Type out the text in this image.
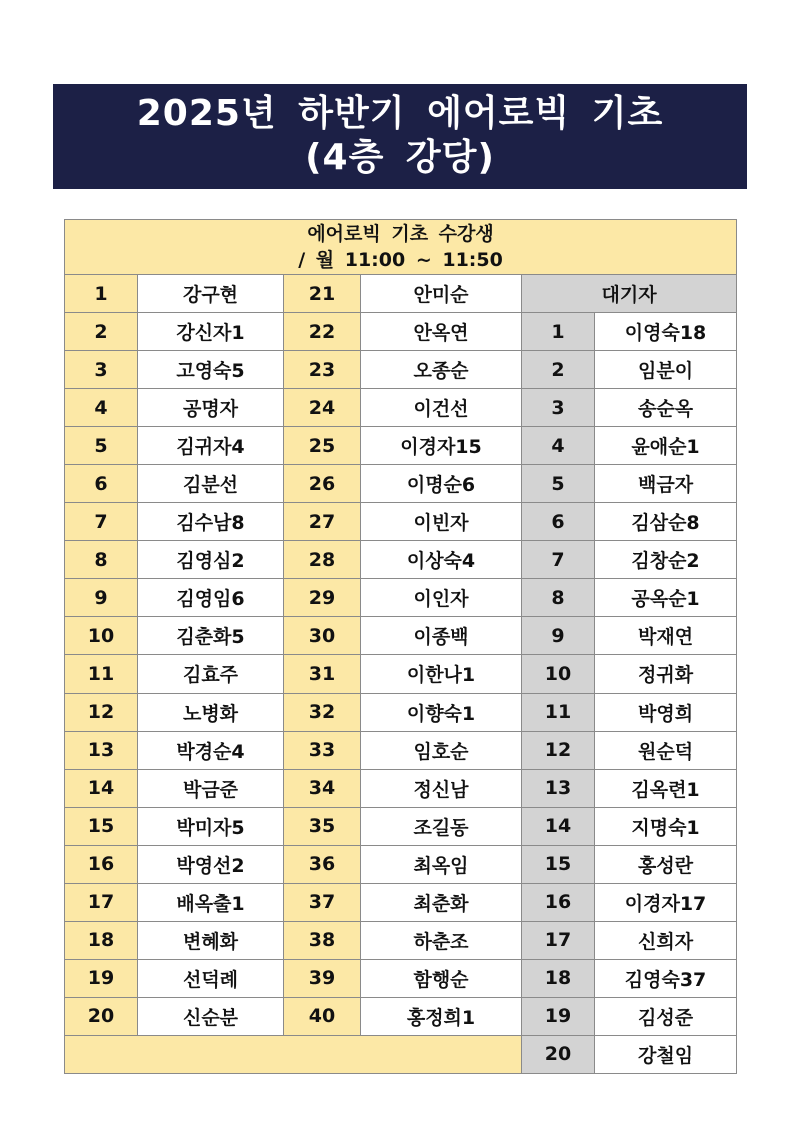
2025년 하반기 에어로빅 기초
(4층 강당)
에어로빅 기초 수강생
/ 월 11:00 ~ 11:50					

1	강구현	21	안미순	대기자	
2	강신자1	22	안옥연	1	이영숙18
3	고영숙5	23	오종순	2	임분이
4	공명자	24	이건선	3	송순옥
5	김귀자4	25	이경자15	4	윤애순1
6	김분선	26	이명순6	5	백금자
7	김수남8	27	이빈자	6	김삼순8
8	김영심2	28	이상숙4	7	김창순2
9	김영임6	29	이인자	8	공옥순1
10	김춘화5	30	이종백	9	박재연
11	김효주	31	이한나1	10	정귀화
12	노병화	32	이향숙1	11	박영희
13	박경순4	33	임호순	12	원순덕
14	박금준	34	정신남	13	김옥련1
15	박미자5	35	조길동	14	지명숙1
16	박영선2	36	최옥임	15	홍성란
17	배옥출1	37	최춘화	16	이경자17
18	변혜화	38	하춘조	17	신희자
19	선덕례	39	함행순	18	김영숙37
20	신순분	40	홍정희1	19	김성준
				20	강철임
